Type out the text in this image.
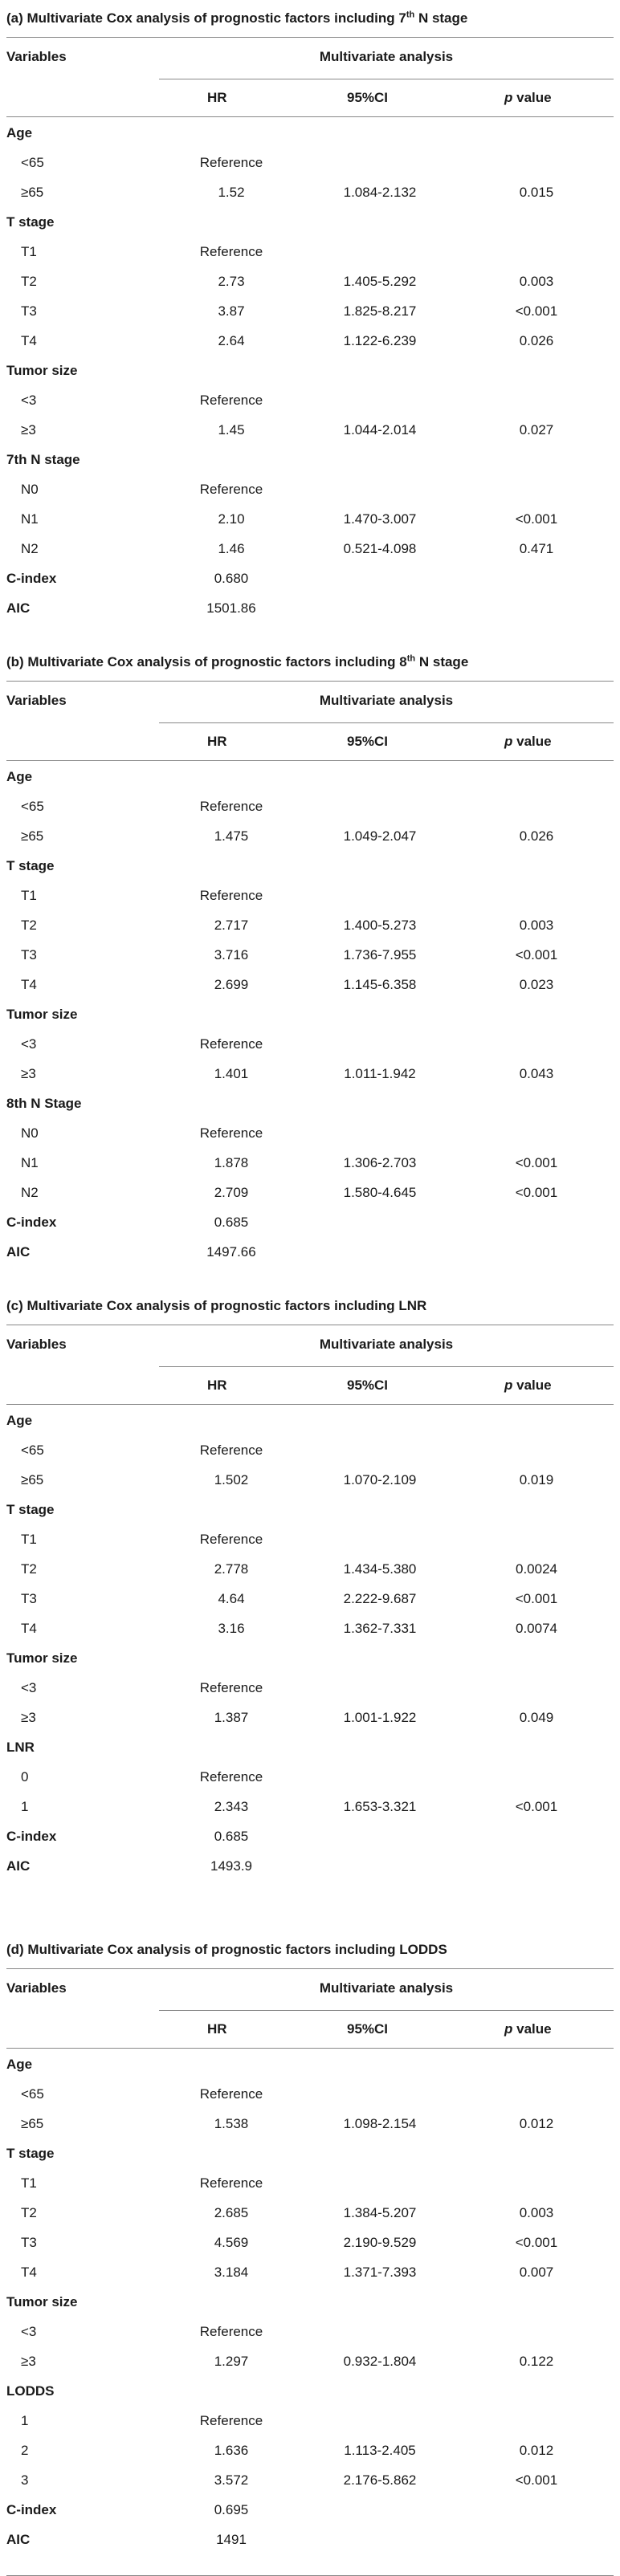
(a) Multivariate Cox analysis of prognostic factors including 7th N stage
Variables	Multivariate analysis
HR	95%CI	p value
Age
<65	Reference
≥65	1.52	1.084-2.132	0.015
T stage
T1	Reference
T2	2.73	1.405-5.292	0.003
T3	3.87	1.825-8.217	<0.001
T4	2.64	1.122-6.239	0.026
Tumor size
<3	Reference
≥3	1.45	1.044-2.014	0.027
7th N stage
N0	Reference
N1	2.10	1.470-3.007	<0.001
N2	1.46	0.521-4.098	0.471
C-index	0.680
AIC	1501.86
(b) Multivariate Cox analysis of prognostic factors including 8th N stage
Variables	Multivariate analysis
HR	95%CI	p value
Age
<65	Reference
≥65	1.475	1.049-2.047	0.026
T stage
T1	Reference
T2	2.717	1.400-5.273	0.003
T3	3.716	1.736-7.955	<0.001
T4	2.699	1.145-6.358	0.023
Tumor size
<3	Reference
≥3	1.401	1.011-1.942	0.043
8th N Stage
N0	Reference
N1	1.878	1.306-2.703	<0.001
N2	2.709	1.580-4.645	<0.001
C-index	0.685
AIC	1497.66
(c) Multivariate Cox analysis of prognostic factors including LNR
Variables	Multivariate analysis
HR	95%CI	p value
Age
<65	Reference
≥65	1.502	1.070-2.109	0.019
T stage
T1	Reference
T2	2.778	1.434-5.380	0.0024
T3	4.64	2.222-9.687	<0.001
T4	3.16	1.362-7.331	0.0074
Tumor size
<3	Reference
≥3	1.387	1.001-1.922	0.049
LNR
0	Reference
1	2.343	1.653-3.321	<0.001
C-index	0.685
AIC	1493.9
(d) Multivariate Cox analysis of prognostic factors including LODDS
Variables	Multivariate analysis
HR	95%CI	p value
Age
<65	Reference
≥65	1.538	1.098-2.154	0.012
T stage
T1	Reference
T2	2.685	1.384-5.207	0.003
T3	4.569	2.190-9.529	<0.001
T4	3.184	1.371-7.393	0.007
Tumor size
<3	Reference
≥3	1.297	0.932-1.804	0.122
LODDS
1	Reference
2	1.636	1.113-2.405	0.012
3	3.572	2.176-5.862	<0.001
C-index	0.695
AIC	1491
